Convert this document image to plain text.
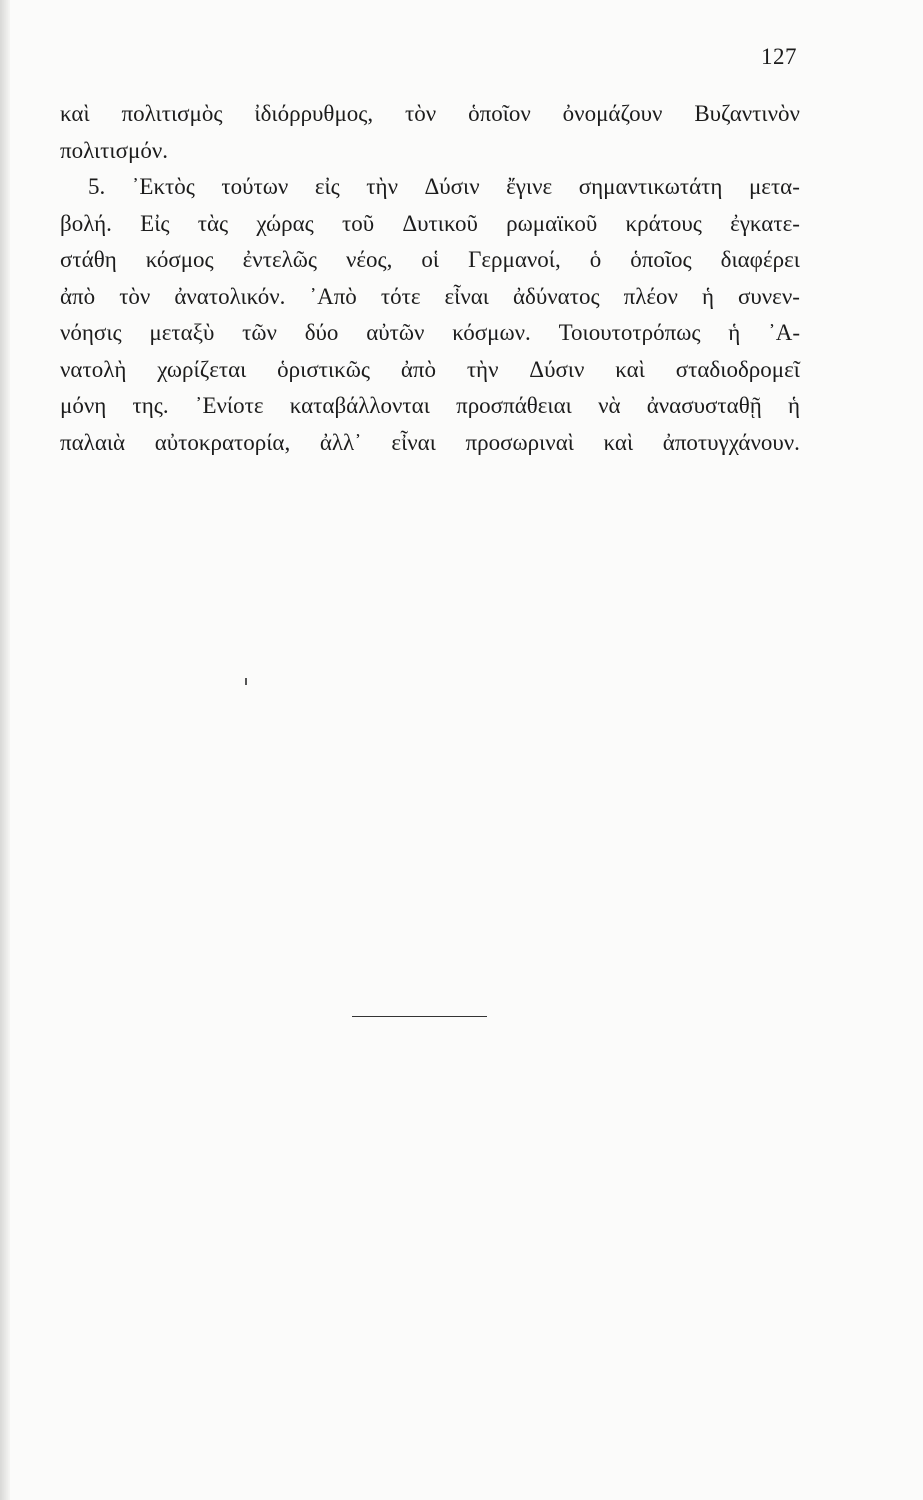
127
καὶ πολιτισμὸς ἰδιόρρυθμος, τὸν ὁποῖον ὀνομάζουν Βυζαντινὸν
πολιτισμόν.
5. ᾿Εκτὸς τούτων εἰς τὴν Δύσιν ἔγινε σημαντικωτάτη μετα-
βολή. Εἰς τὰς χώρας τοῦ Δυτικοῦ ρωμαϊκοῦ κράτους ἐγκατε-
στάθη κόσμος ἐντελῶς νέος, οἱ Γερμανοί, ὁ ὁποῖος διαφέρει
ἀπὸ τὸν ἀνατολικόν. ᾿Απὸ τότε εἶναι ἀδύνατος πλέον ἡ συνεν-
νόησις μεταξὺ τῶν δύο αὐτῶν κόσμων. Τοιουτοτρόπως ἡ ᾿Α-
νατολὴ χωρίζεται ὁριστικῶς ἀπὸ τὴν Δύσιν καὶ σταδιοδρομεῖ
μόνη της. ᾿Ενίοτε καταβάλλονται προσπάθειαι νὰ ἀνασυσταθῇ ἡ
παλαιὰ αὐτοκρατορία, ἀλλ᾿ εἶναι προσωριναὶ καὶ ἀποτυγχάνουν.
